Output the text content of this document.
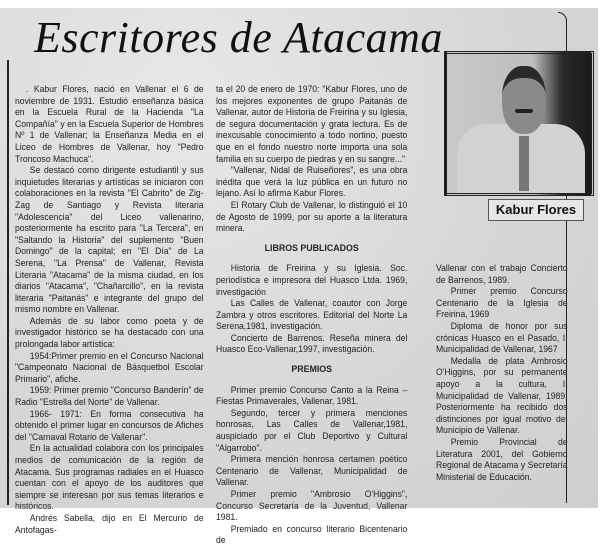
Escritores de Atacama

. Kabur Flores, nació en Vallenar el 6 de noviembre de 1931. Estudió enseñanza básica en la Escuela Rural de la Hacienda "La Compañía" y en la Escuela Superior de Hombres Nº 1 de Vallenar; la Enseñanza Media en el Liceo de Hombres de Vallenar, hoy "Pedro Troncoso Machuca".

Se destacó como dirigente estudiantil y sus inquietudes literarias y artísticas se iniciaron con colaboraciones en la revista "El Cabrito" de Zig- Zag de Santiago y Revista literaria "Adolescencia" del Liceo vallenarino, posteriormente ha escrito para "La Tercera", en "Saltando la Historia" del suplemento "Buen Domingo" de la capital; en "El Día" de La Serena, "La Prensa" de Vallenar, Revista Literaria "Atacama" de la misma ciudad, en los diarios "Atacama", "Chañarcillo", en la revista literaria "Paitanás" e integrante del grupo del mismo nombre en Vallenar.

Además de su labor como poeta y de investigador histórico se ha destacado con una prolongada labor artística:

1954:Primer premio en el Concurso Nacional "Campeonato Nacional de Básquetbol Escolar Primario", afiche.

1959: Primer premio "Concurso Banderín" de Radio "Estrella del Norte" de Vallenar.

1966- 1971: En forma consecutiva ha obtenido el primer lugar en concursos de Afiches del "Carnaval Rotario de Vallenar".

En la actualidad colabora con los principales medios de comunicación de la región de Atacama. Sus programas radiales en el Huasco cuentan con el apoyo de los auditores que siempre se interesan por sus temas literarios e históricos.

Andrés Sabella, dijo en El Mercurio de Antofagas-

ta el 20 de enero de 1970: "Kabur Flores, uno de los mejores exponentes de grupo Paitanás de Vallenar, autor de Historia de Freirina y su Iglesia, de segura documentación y grata lectura. Es de inexcusable conocimiento a todo nortino, puesto que en el fondo nuestro norte importa una sola familia en su cuerpo de piedras y en su sangre..."

"Vallenar, Nidal de Ruiseñores", es una obra inédita que verá la luz pública en un futuro no lejano. Así lo afirma Kabur Flores.

El Rotary Club de Vallenar, lo distinguió el 10 de Agosto de 1999, por su aporte a la literatura minera.

LIBROS PUBLICADOS

Historia de Freirina y su Iglesia. Soc. periodística e impresora del Huasco Ltda. 1969, investigación

Las Calles de Vallenar, coautor con Jorge Zambra y otros escritores. Editorial del Norte La Serena,1981, investigación.

Concierto de Barrenos. Reseña minera del Huasco Eco-Vallenar,1997, investigación.

PREMIOS

Primer premio Concurso Canto a la Reina – Fiestas Primaverales, Vallenar, 1981.

Segundo, tercer y primera menciones honrosas, Las Calles de Vallenar,1981, auspiciado por el Club Deportivo y Cultural "Algarrobo".

Primera mención honrosa certamen poético Centenario de Vallenar, Municipalidad de Vallenar.

Primer premio "Ambrosio O'Higgins", Concurso Secretaría de la Juventud, Vallenar 1981.

Premiado en concurso literario Bicentenario de

Vallenar con el trabajo Concierto de Barrenos, 1989.

Primer premio Concurso Centenario de la Iglesia de Freirina, 1969

Diploma de honor por sus crónicas Huasco en el Pasado, I. Municipalidad de Vallenar, 1967

Medalla de plata Ambrosio O'Higgins, por su permanente apoyo a la cultura, I. Municipalidad de Vallenar, 1989. Posteriormente ha recibido dos distinciones por igual motivo del Municipio de Vallenar.

Premio Provincial de Literatura 2001, del Gobierno Regional de Atacama y Secretaría Ministerial de Educación.

Kabur Flores
